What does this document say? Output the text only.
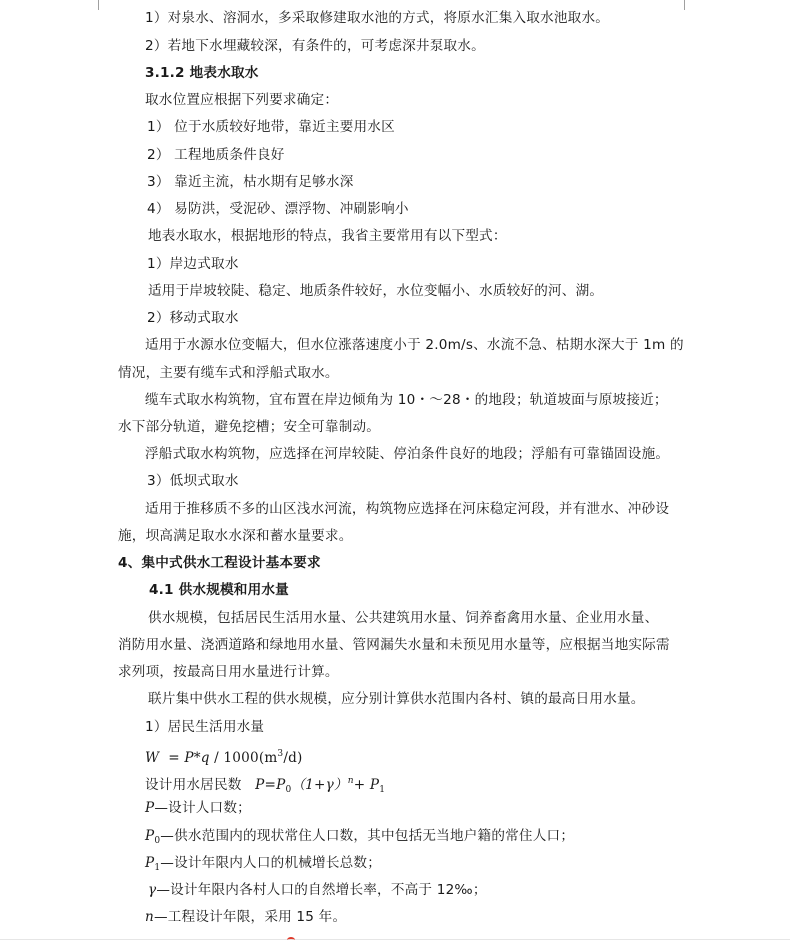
1）对泉水、溶洞水，多采取修建取水池的方式，将原水汇集入取水池取水。
2）若地下水埋藏较深，有条件的，可考虑深井泵取水。
3.1.2 地表水取水
取水位置应根据下列要求确定：
1） 位于水质较好地带，靠近主要用水区
2） 工程地质条件良好
3） 靠近主流，枯水期有足够水深
4） 易防洪，受泥砂、漂浮物、冲刷影响小
地表水取水，根据地形的特点，我省主要常用有以下型式：
1）岸边式取水
适用于岸坡较陡、稳定、地质条件较好，水位变幅小、水质较好的河、湖。
2）移动式取水
适用于水源水位变幅大，但水位涨落速度小于 2.0m/s、水流不急、枯期水深大于 1m 的
情况，主要有缆车式和浮船式取水。
缆车式取水构筑物，宜布置在岸边倾角为 10・～28・的地段；轨道坡面与原坡接近；
水下部分轨道，避免挖槽；安全可靠制动。
浮船式取水构筑物，应选择在河岸较陡、停泊条件良好的地段；浮船有可靠锚固设施。
3）低坝式取水
适用于推移质不多的山区浅水河流，构筑物应选择在河床稳定河段，并有泄水、冲砂设
施，坝高满足取水水深和蓄水量要求。
4、集中式供水工程设计基本要求
4.1 供水规模和用水量
供水规模，包括居民生活用水量、公共建筑用水量、饲养畜禽用水量、企业用水量、
消防用水量、浇洒道路和绿地用水量、管网漏失水量和未预见用水量等，应根据当地实际需
求列项，按最高日用水量进行计算。
联片集中供水工程的供水规模，应分别计算供水范围内各村、镇的最高日用水量。
1）居民生活用水量
$W = P*q / 1000(m^3/d)$
设计用水居民数   $P=P_0(1+\gamma)^n+ P_1$
P—设计人口数；
$P_0—$供水范围内的现状常住人口数，其中包括无当地户籍的常住人口；
$P_1—$设计年限内人口的机械增长总数；
γ—设计年限内各村人口的自然增长率，不高于 12‰；
n—工程设计年限，采用 15 年。
